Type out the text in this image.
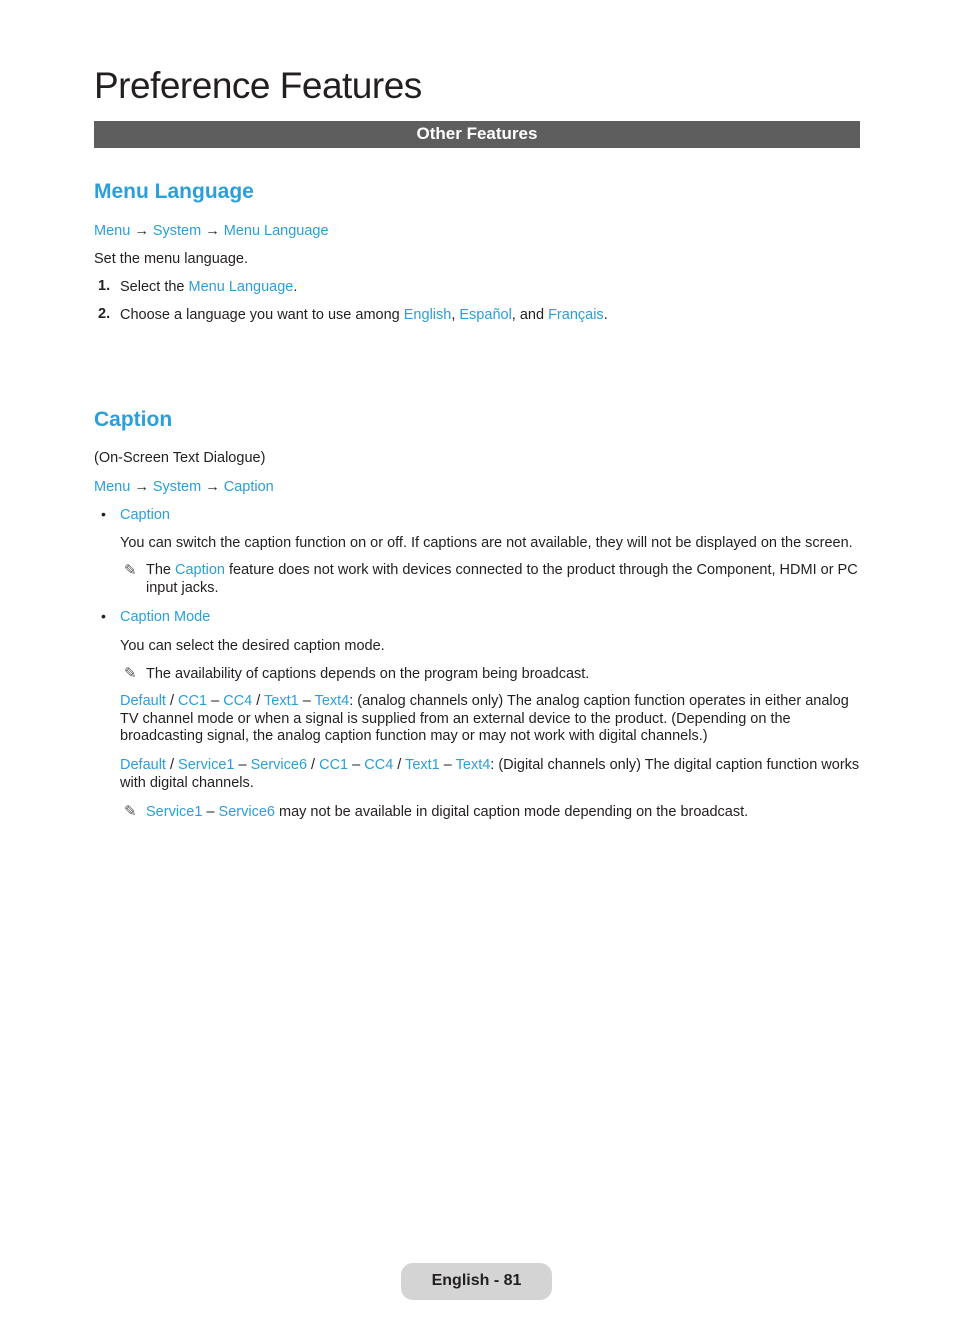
Preference Features
Other Features
Menu Language
Menu → System → Menu Language
Set the menu language.
1. Select the Menu Language.
2. Choose a language you want to use among English, Español, and Français.
Caption
(On-Screen Text Dialogue)
Menu → System → Caption
• Caption
You can switch the caption function on or off. If captions are not available, they will not be displayed on the screen.
✎ The Caption feature does not work with devices connected to the product through the Component, HDMI or PC input jacks.
• Caption Mode
You can select the desired caption mode.
✎ The availability of captions depends on the program being broadcast.
Default / CC1 – CC4 / Text1 – Text4: (analog channels only) The analog caption function operates in either analog TV channel mode or when a signal is supplied from an external device to the product. (Depending on the broadcasting signal, the analog caption function may or may not work with digital channels.)
Default / Service1 – Service6 / CC1 – CC4 / Text1 – Text4: (Digital channels only) The digital caption function works with digital channels.
✎ Service1 – Service6 may not be available in digital caption mode depending on the broadcast.
English - 81
